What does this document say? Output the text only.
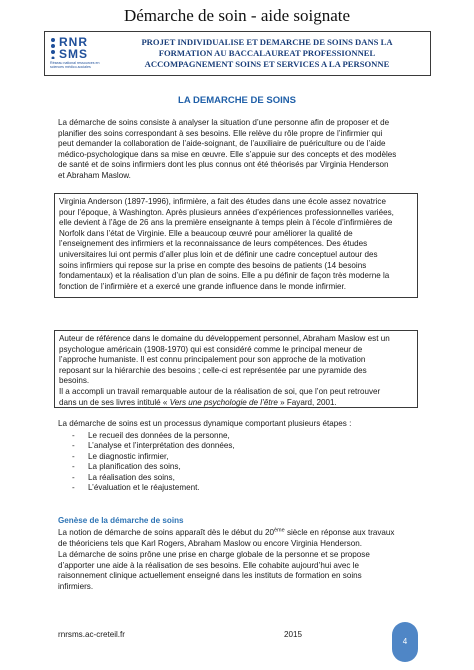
Démarche de soin - aide soignate
RNR
SMS
Réseau national ressources en sciences médico-sociales
PROJET INDIVIDUALISE ET DEMARCHE DE SOINS DANS LA
FORMATION AU BACCALAUREAT PROFESSIONNEL
ACCOMPAGNEMENT SOINS ET SERVICES A LA PERSONNE
LA DEMARCHE DE SOINS

La démarche de soins consiste à analyser la situation d’une personne afin de proposer et de

planifier des soins correspondant à ses besoins. Elle relève du rôle propre de l’infirmier qui

peut demander la collaboration de l’aide-soignant, de l’auxiliaire de puériculture ou de l’aide

médico-psychologique dans sa mise en œuvre. Elle s’appuie sur des concepts et des modèles

de santé et de soins infirmiers dont les plus connus ont été théorisés par Virginia Henderson

et Abraham Maslow.

Virginia Anderson (1897-1996), infirmière, a fait des études dans une école assez novatrice

pour l’époque, à Washington. Après plusieurs années d’expériences professionnelles variées,

elle devient à l’âge de 26 ans la première enseignante à temps plein à l’école d’infirmières de

Norfolk dans l’état de Virginie. Elle a beaucoup œuvré pour améliorer la qualité de

l’enseignement des infirmiers et la reconnaissance de leurs compétences. Des études

universitaires lui ont permis d’aller plus loin et de définir une cadre conceptuel autour des

soins infirmiers qui repose sur la prise en compte des besoins de patients (14 besoins

fondamentaux) et la réalisation d’un plan de soins. Elle a pu définir de façon très moderne la

fonction de l’infirmière et a exercé une grande influence dans le monde infirmier.

Auteur de référence dans le domaine du développement personnel, Abraham Maslow est un

psychologue américain (1908-1970) qui est considéré comme le principal meneur de

l’approche humaniste. Il est connu principalement pour son approche de la motivation

reposant sur la hiérarchie des besoins ; celle-ci est représentée par une pyramide des

besoins.

Il a accompli un travail remarquable autour de la réalisation de soi, que l’on peut retrouver

dans un de ses livres intitulé « Vers une psychologie de l’être » Fayard, 2001.

La démarche de soins est un processus dynamique comportant plusieurs étapes :
- Le recueil des données de la personne,
- L’analyse et l’interprétation des données,
- Le diagnostic infirmier,
- La planification des soins,
- La réalisation des soins,
- L’évaluation et le réajustement.
Genèse de la démarche de soins

La notion de démarche de soins apparaît dès le début du 20ème siècle en réponse aux travaux

de théoriciens tels que Karl Rogers, Abraham Maslow ou encore Virginia Henderson.

La démarche de soins prône une prise en charge globale de la personne et se propose

d’apporter une aide à la réalisation de ses besoins. Elle cohabite aujourd’hui avec le

raisonnement clinique actuellement enseigné dans les instituts de formation en soins

infirmiers.

rnrsms.ac-creteil.fr	2015
4
